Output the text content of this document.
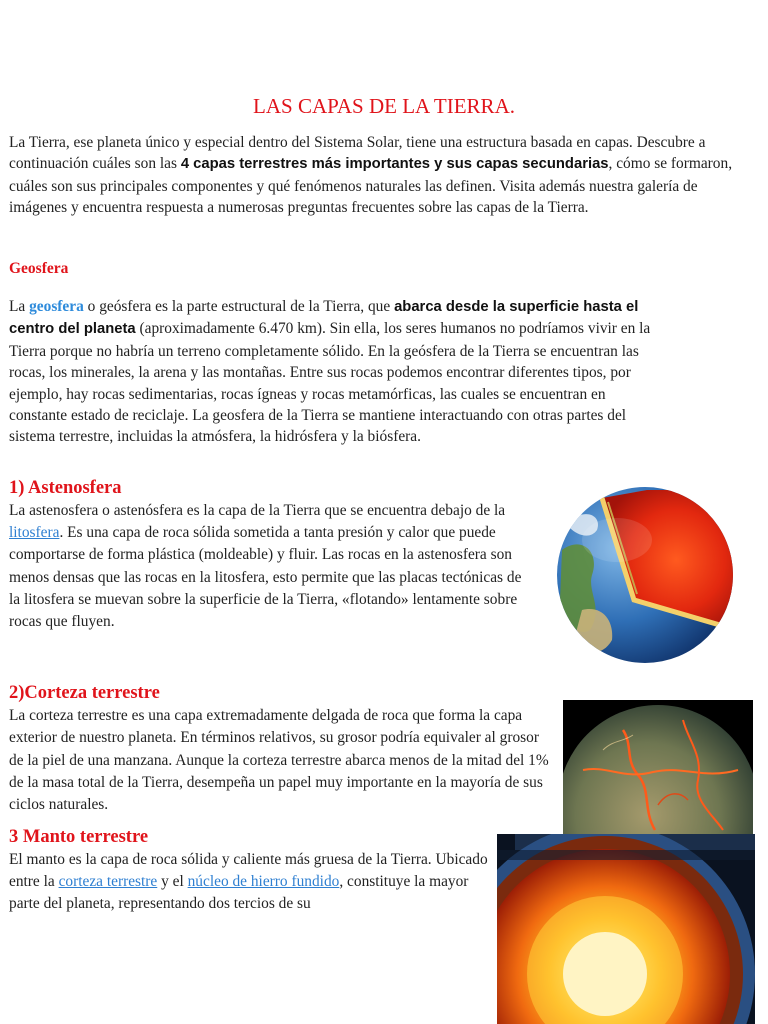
LAS CAPAS DE LA TIERRA.

La Tierra, ese planeta único y especial dentro del Sistema Solar, tiene una estructura basada en capas. Descubre a continuación cuáles son las 4 capas terrestres más importantes y sus capas secundarias, cómo se formaron, cuáles son sus principales componentes y qué fenómenos naturales las definen. Visita además nuestra galería de imágenes y encuentra respuesta a numerosas preguntas frecuentes sobre las capas de la Tierra.

Geosfera

La geosfera o geósfera es la parte estructural de la Tierra, que abarca desde la superficie hasta el centro del planeta (aproximadamente 6.470 km). Sin ella, los seres humanos no podríamos vivir en la Tierra porque no habría un terreno completamente sólido. En la geósfera de la Tierra se encuentran las rocas, los minerales, la arena y las montañas. Entre sus rocas podemos encontrar diferentes tipos, por ejemplo, hay rocas sedimentarias, rocas ígneas y rocas metamórficas, las cuales se encuentran en constante estado de reciclaje. La geosfera de la Tierra se mantiene interactuando con otras partes del sistema terrestre, incluidas la atmósfera, la hidrósfera y la biósfera.

1) Astenosfera

La astenosfera o astenósfera es la capa de la Tierra que se encuentra debajo de la litosfera. Es una capa de roca sólida sometida a tanta presión y calor que puede comportarse de forma plástica (moldeable) y fluir. Las rocas en la astenosfera son menos densas que las rocas en la litosfera, esto permite que las placas tectónicas de la litosfera se muevan sobre la superficie de la Tierra, «flotando» lentamente sobre rocas que fluyen.

2)Corteza terrestre

La corteza terrestre es una capa extremadamente delgada de roca que forma la capa exterior de nuestro planeta. En términos relativos, su grosor podría equivaler al grosor de la piel de una manzana. Aunque la corteza terrestre abarca menos de la mitad del 1% de la masa total de la Tierra, desempeña un papel muy importante en la mayoría de sus ciclos naturales.

3 Manto terrestre

El manto es la capa de roca sólida y caliente más gruesa de la Tierra. Ubicado entre la corteza terrestre y el núcleo de hierro fundido, constituye la mayor parte del planeta, representando dos tercios de su
